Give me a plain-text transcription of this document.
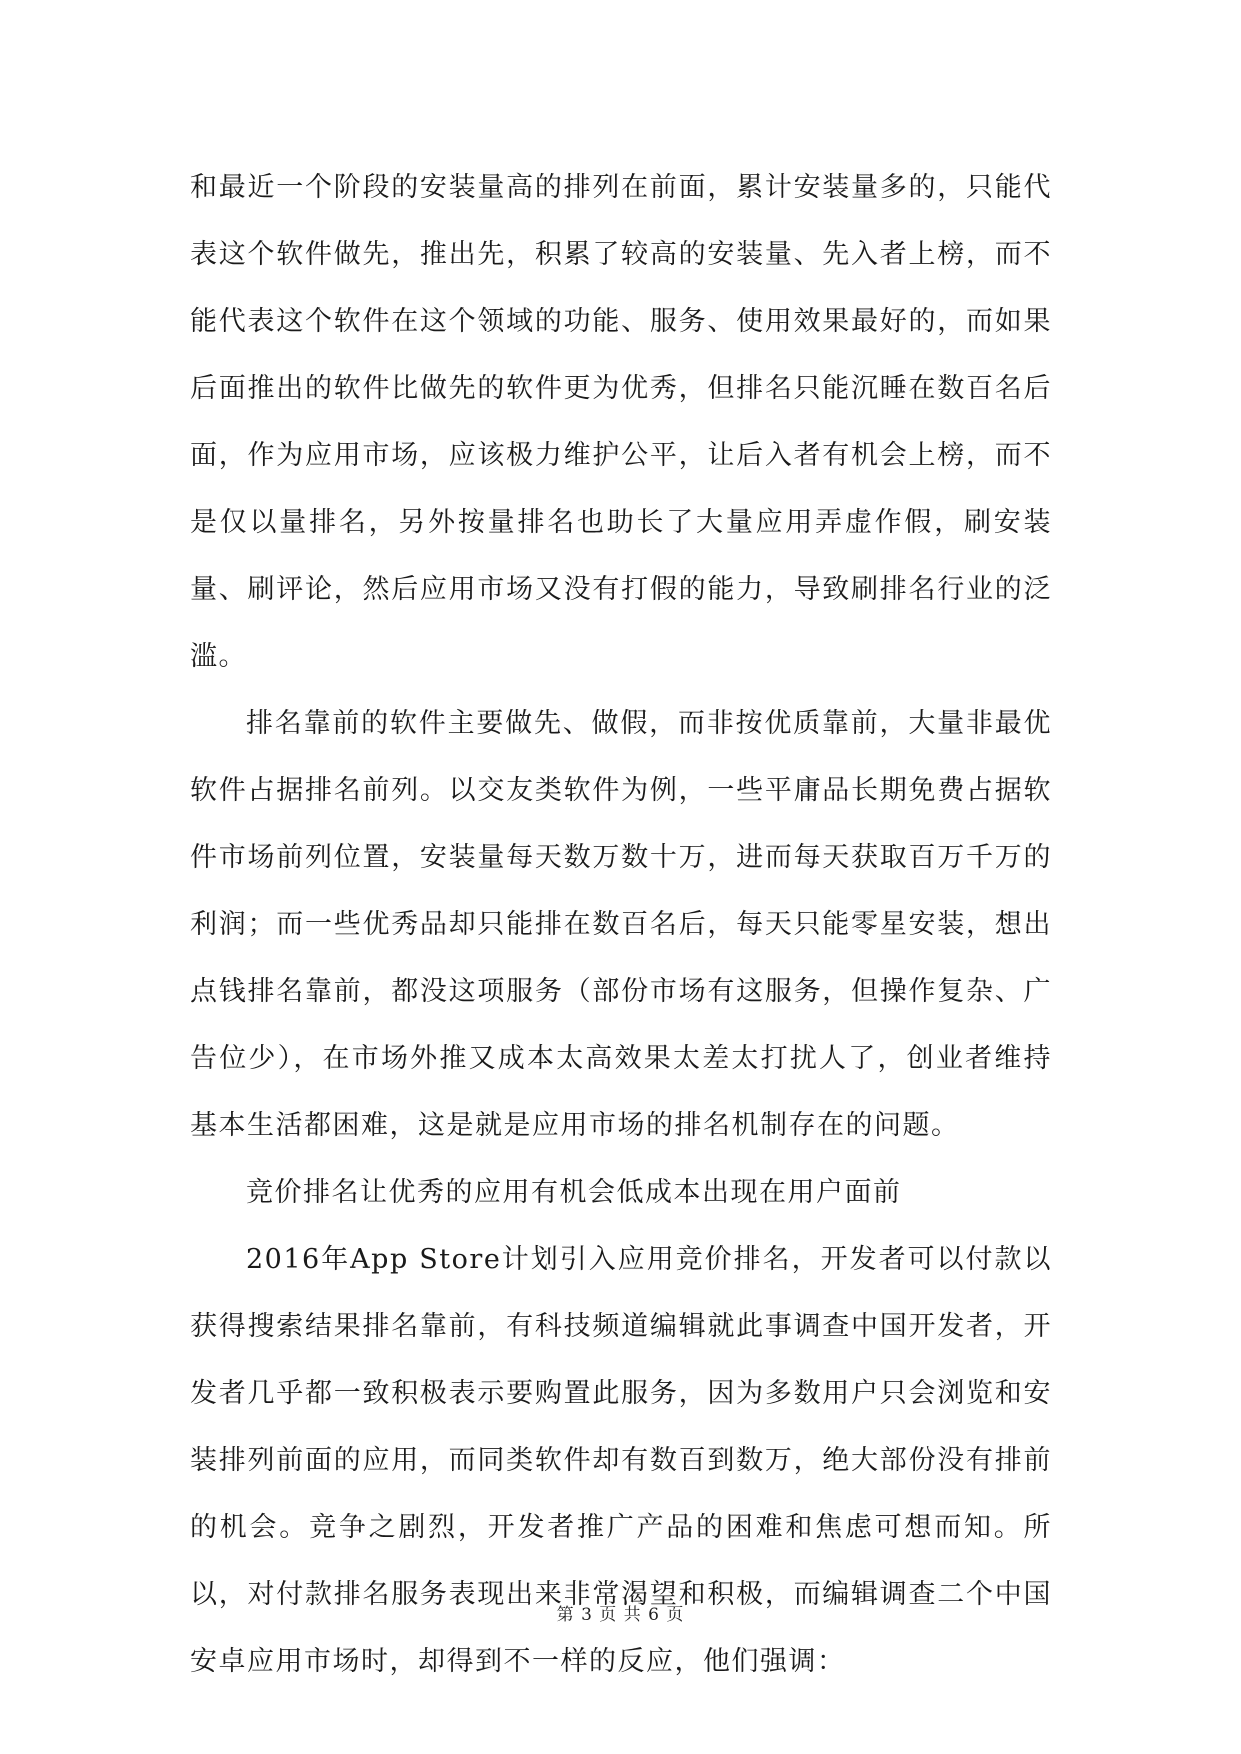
和最近一个阶段的安装量高的排列在前面，累计安装量多的，只能代表这个软件做先，推出先，积累了较高的安装量、先入者上榜，而不能代表这个软件在这个领域的功能、服务、使用效果最好的，而如果后面推出的软件比做先的软件更为优秀，但排名只能沉睡在数百名后面，作为应用市场，应该极力维护公平，让后入者有机会上榜，而不是仅以量排名，另外按量排名也助长了大量应用弄虚作假，刷安装量、刷评论，然后应用市场又没有打假的能力，导致刷排名行业的泛滥。

排名靠前的软件主要做先、做假，而非按优质靠前，大量非最优软件占据排名前列。以交友类软件为例，一些平庸品长期免费占据软件市场前列位置，安装量每天数万数十万，进而每天获取百万千万的利润；而一些优秀品却只能排在数百名后，每天只能零星安装，想出点钱排名靠前，都没这项服务（部份市场有这服务，但操作复杂、广告位少），在市场外推又成本太高效果太差太打扰人了，创业者维持基本生活都困难，这是就是应用市场的排名机制存在的问题。

竞价排名让优秀的应用有机会低成本出现在用户面前

2016年App Store计划引入应用竞价排名，开发者可以付款以获得搜索结果排名靠前，有科技频道编辑就此事调查中国开发者，开发者几乎都一致积极表示要购置此服务，因为多数用户只会浏览和安装排列前面的应用，而同类软件却有数百到数万，绝大部份没有排前的机会。竞争之剧烈，开发者推广产品的困难和焦虑可想而知。所以，对付款排名服务表现出来非常渴望和积极，而编辑调查二个中国安卓应用市场时，却得到不一样的反应，他们强调：

第 3 页 共 6 页
